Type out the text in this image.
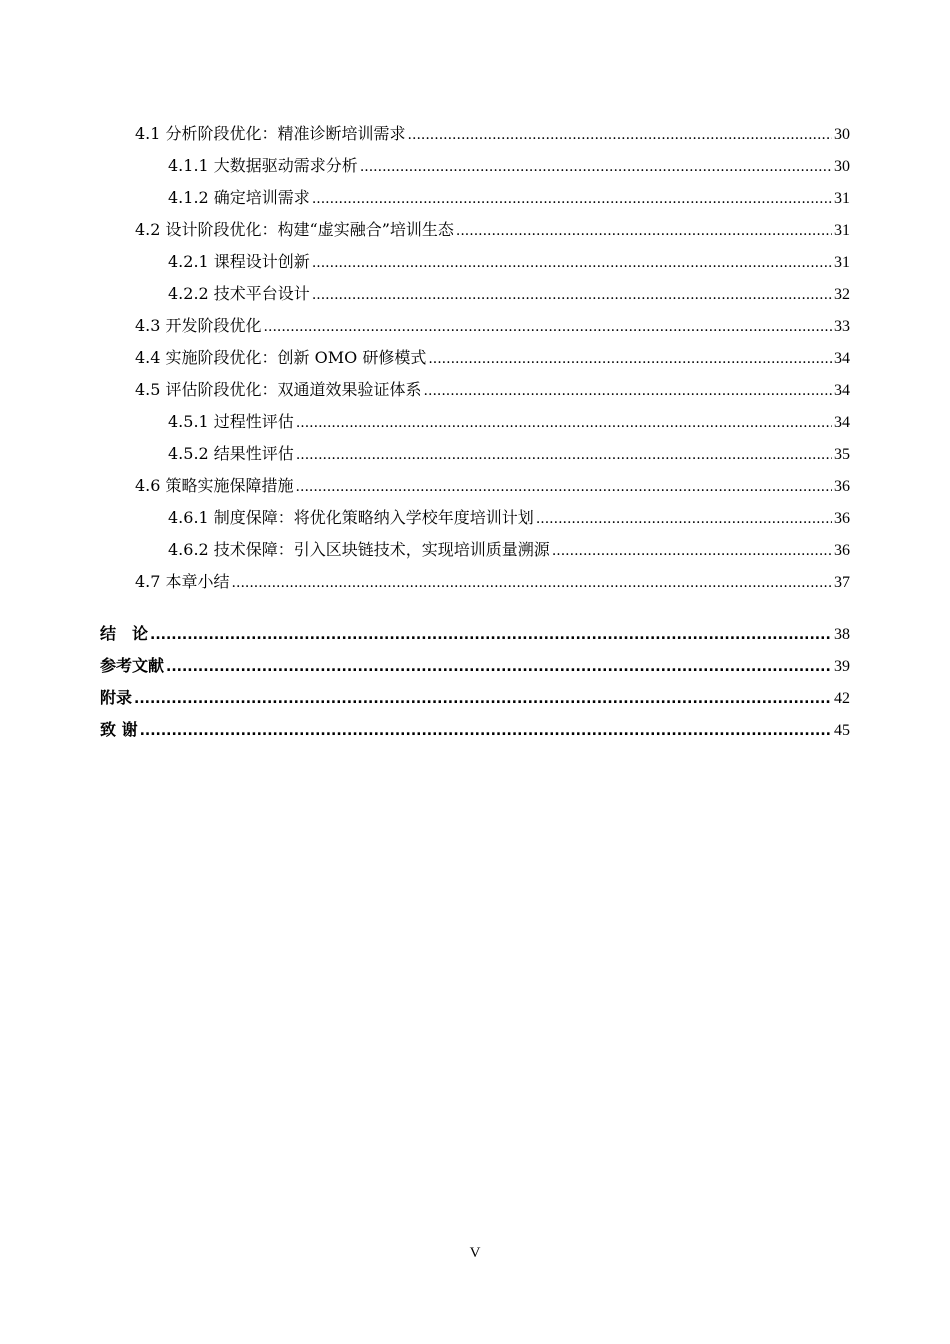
4.1 分析阶段优化：精准诊断培训需求 .....	30
4.1.1 大数据驱动需求分析 .....	30
4.1.2 确定培训需求 .....	31
4.2 设计阶段优化：构建“虚实融合”培训生态 .....	31
4.2.1 课程设计创新 .....	31
4.2.2 技术平台设计 .....	32
4.3 开发阶段优化 .....	33
4.4 实施阶段优化：创新 OMO 研修模式 .....	34
4.5 评估阶段优化：双通道效果验证体系 .....	34
4.5.1 过程性评估 .....	34
4.5.2 结果性评估 .....	35
4.6 策略实施保障措施 .....	36
4.6.1 制度保障：将优化策略纳入学校年度培训计划 .....	36
4.6.2 技术保障：引入区块链技术，实现培训质量溯源 .....	36
4.7 本章小结 .....	37
结　论 .....	38
参考文献 .....	39
附录 .....	42
致 谢 .....	45
V
